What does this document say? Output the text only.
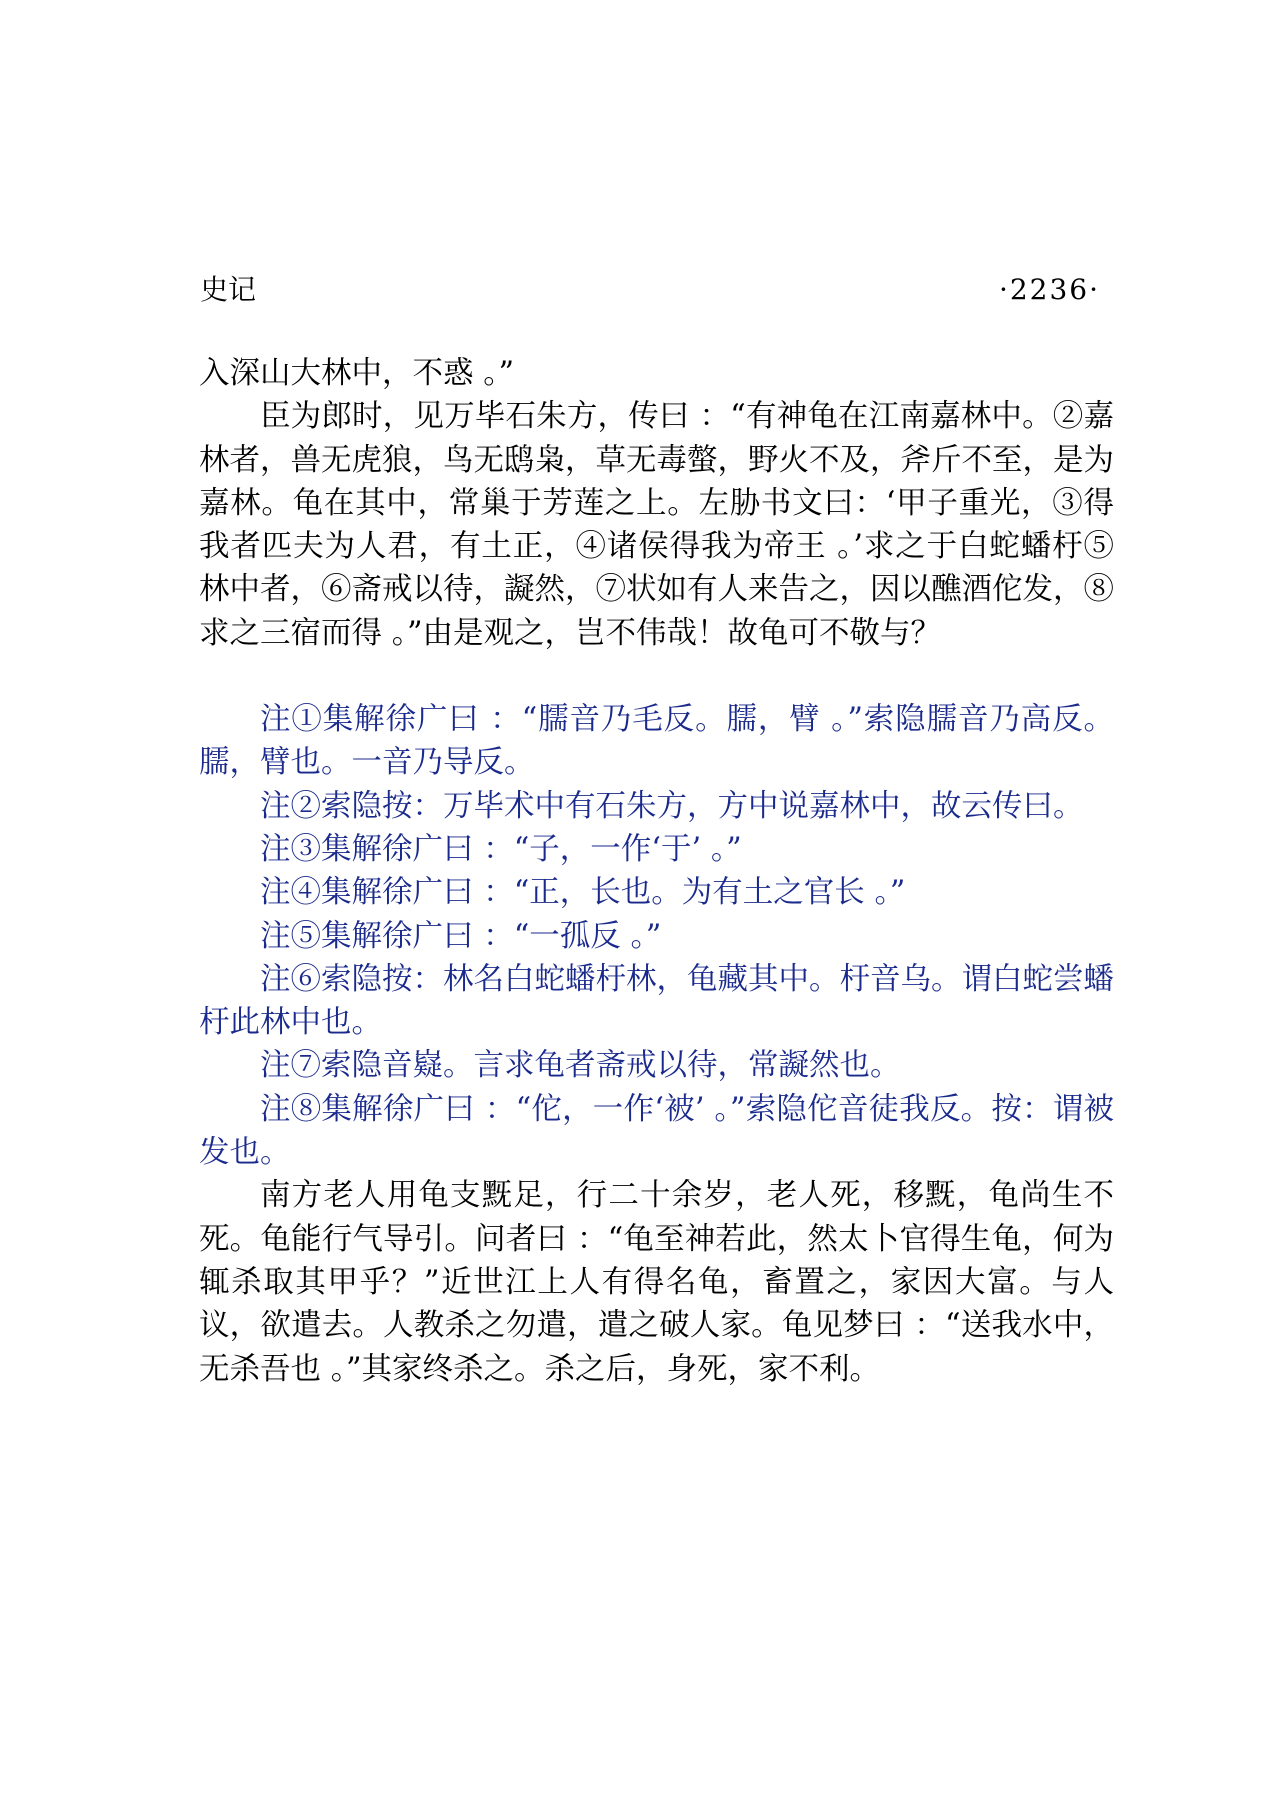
史记	·2236·

入深山大林中，不惑 。”

臣为郎时，见万毕石朱方，传曰 ：“有神龟在江南嘉林中。②嘉林者，兽无虎狼，鸟无鸱枭，草无毒螫，野火不及，斧斤不至，是为嘉林。龟在其中，常巢于芳莲之上。左胁书文曰：‘甲子重光，③得我者匹夫为人君，有土正，④诸侯得我为帝王 。’求之于白蛇蟠杅⑤林中者，⑥斋戒以待，譺然，⑦状如有人来告之，因以醮酒佗发，⑧求之三宿而得 。”由是观之，岂不伟哉！故龟可不敬与？

注①集解徐广曰 ：“臑音乃毛反。臑，臂 。”索隐臑音乃高反。臑，臂也。一音乃导反。

注②索隐按：万毕术中有石朱方，方中说嘉林中，故云传曰。

注③集解徐广曰 ：“子，一作‘于’ 。”

注④集解徐广曰 ：“正，长也。为有土之官长 。”

注⑤集解徐广曰 ：“一孤反 。”

注⑥索隐按：林名白蛇蟠杅林，龟藏其中。杅音乌。谓白蛇尝蟠杅此林中也。

注⑦索隐音嶷。言求龟者斋戒以待，常譺然也。

注⑧集解徐广曰 ：“佗，一作‘被’ 。”索隐佗音徒我反。按：谓被发也。

南方老人用龟支黖足，行二十余岁，老人死，移黖，龟尚生不死。龟能行气导引。问者曰 ：“龟至神若此，然太卜官得生龟，何为辄杀取其甲乎？”近世江上人有得名龟，畜置之，家因大富。与人议，欲遣去。人教杀之勿遣，遣之破人家。龟见梦曰 ：“送我水中，无杀吾也 。”其家终杀之。杀之后，身死，家不利。
